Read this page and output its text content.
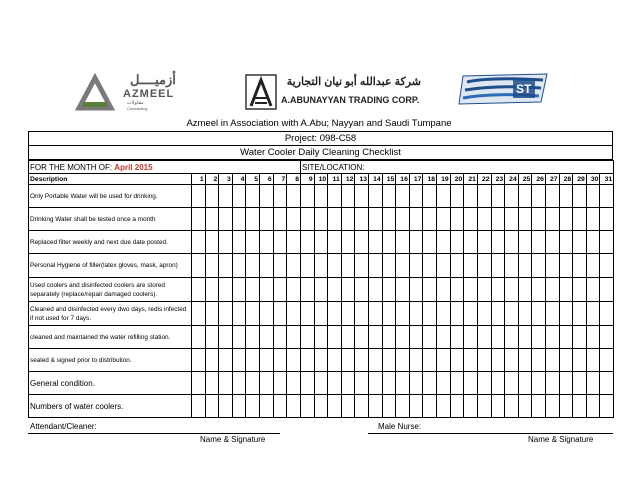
أزميــــل
AZMEEL
مقاولات
Contracting
شركة عبدالله أبو نيان التجارية
A.ABUNAYYAN TRADING CORP.
ST
Azmeel in Association with A.Abu; Nayyan and Saudi Tumpane
Project: 098-C58
Water Cooler Daily Cleaning Checklist
FOR THE MONTH OF: April 2015									SITE/LOCATION:																						
Description	1	2	3	4	5	6	7	8	9	10	11	12	13	14	15	16	17	18	19	20	21	22	23	24	25	26	27	28	29	30	31
Only Portable Water will be used for drinking.																															
Drinking Water shall be tested once a month																															
Replaced filter weekly and next due date posted.																															
Personal Hygiene of filler(latex gloves, mask, apron)																															
Used coolers and disinfected coolers are stored separately (replace/repair damaged coolers).																															
Cleaned and disinfected every dwo days, redis infected if not used for 7 days.																															
cleaned and maintained the water refilling station.																															
sealed & signed prior to distribution.																															
General condition.																															
Numbers of water coolers.																															
Attendant/Cleaner:	Male Nurse:
Name & Signature	Name & Signature
